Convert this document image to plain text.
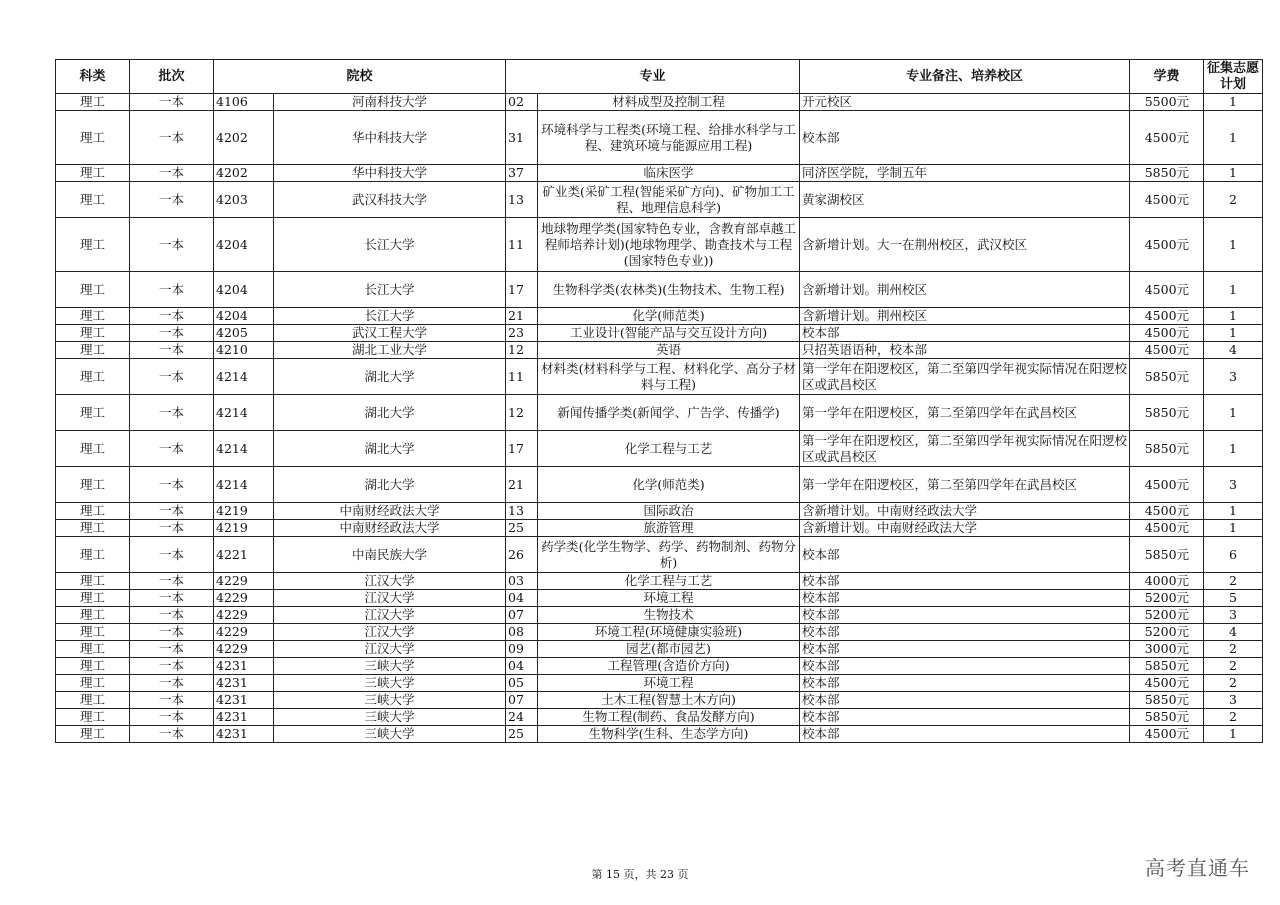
科类	批次	院校		专业		专业备注、培养校区	学费	征集志愿计划
理工	一本	4106	河南科技大学	02	材料成型及控制工程	开元校区	5500元	1
理工	一本	4202	华中科技大学	31	环境科学与工程类(环境工程、给排水科学与工程、建筑环境与能源应用工程)	校本部	4500元	1
理工	一本	4202	华中科技大学	37	临床医学	同济医学院，学制五年	5850元	1
理工	一本	4203	武汉科技大学	13	矿业类(采矿工程(智能采矿方向)、矿物加工工程、地理信息科学)	黄家湖校区	4500元	2
理工	一本	4204	长江大学	11	地球物理学类(国家特色专业，含教育部卓越工程师培养计划)(地球物理学、勘查技术与工程(国家特色专业))	含新增计划。大一在荆州校区，武汉校区	4500元	1
理工	一本	4204	长江大学	17	生物科学类(农林类)(生物技术、生物工程)	含新增计划。荆州校区	4500元	1
理工	一本	4204	长江大学	21	化学(师范类)	含新增计划。荆州校区	4500元	1
理工	一本	4205	武汉工程大学	23	工业设计(智能产品与交互设计方向)	校本部	4500元	1
理工	一本	4210	湖北工业大学	12	英语	只招英语语种，校本部	4500元	4
理工	一本	4214	湖北大学	11	材料类(材料科学与工程、材料化学、高分子材料与工程)	第一学年在阳逻校区，第二至第四学年视实际情况在阳逻校区或武昌校区	5850元	3
理工	一本	4214	湖北大学	12	新闻传播学类(新闻学、广告学、传播学)	第一学年在阳逻校区，第二至第四学年在武昌校区	5850元	1
理工	一本	4214	湖北大学	17	化学工程与工艺	第一学年在阳逻校区，第二至第四学年视实际情况在阳逻校区或武昌校区	5850元	1
理工	一本	4214	湖北大学	21	化学(师范类)	第一学年在阳逻校区，第二至第四学年在武昌校区	4500元	3
理工	一本	4219	中南财经政法大学	13	国际政治	含新增计划。中南财经政法大学	4500元	1
理工	一本	4219	中南财经政法大学	25	旅游管理	含新增计划。中南财经政法大学	4500元	1
理工	一本	4221	中南民族大学	26	药学类(化学生物学、药学、药物制剂、药物分析)	校本部	5850元	6
理工	一本	4229	江汉大学	03	化学工程与工艺	校本部	4000元	2
理工	一本	4229	江汉大学	04	环境工程	校本部	5200元	5
理工	一本	4229	江汉大学	07	生物技术	校本部	5200元	3
理工	一本	4229	江汉大学	08	环境工程(环境健康实验班)	校本部	5200元	4
理工	一本	4229	江汉大学	09	园艺(都市园艺)	校本部	3000元	2
理工	一本	4231	三峡大学	04	工程管理(含造价方向)	校本部	5850元	2
理工	一本	4231	三峡大学	05	环境工程	校本部	4500元	2
理工	一本	4231	三峡大学	07	土木工程(智慧土木方向)	校本部	5850元	3
理工	一本	4231	三峡大学	24	生物工程(制药、食品发酵方向)	校本部	5850元	2
理工	一本	4231	三峡大学	25	生物科学(生科、生态学方向)	校本部	4500元	1
第 15 页，共 23 页	高考直通车
